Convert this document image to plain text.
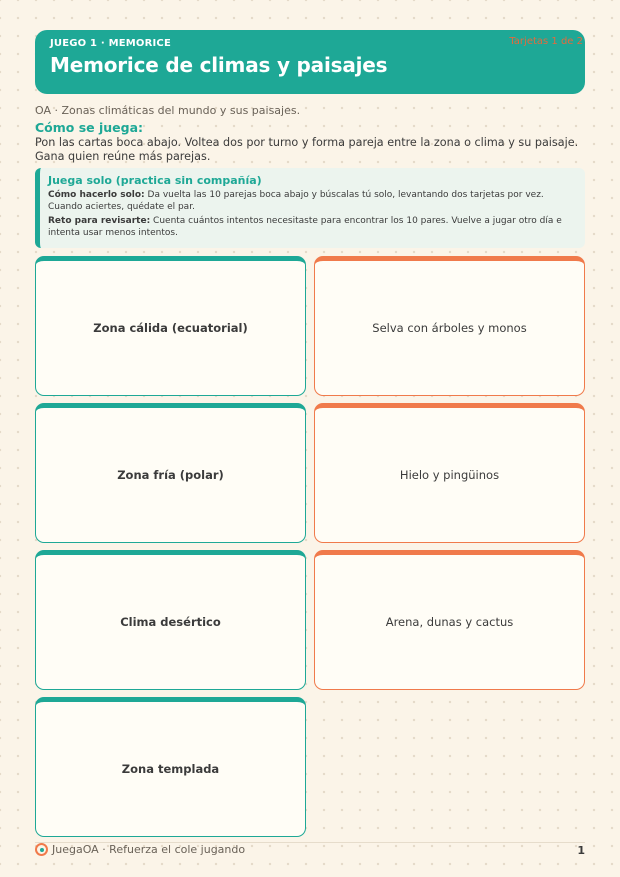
JUEGO 1 · MEMORICE
Memorice de climas y paisajes
Tarjetas 1 de 2
OA · Zonas climáticas del mundo y sus paisajes.
Cómo se juega:
Pon las cartas boca abajo. Voltea dos por turno y forma pareja entre la zona o clima y su paisaje. Gana quien reúne más parejas.
Juega solo (practica sin compañía)
Cómo hacerlo solo: Da vuelta las 10 parejas boca abajo y búscalas tú solo, levantando dos tarjetas por vez. Cuando aciertes, quédate el par.
Reto para revisarte: Cuenta cuántos intentos necesitaste para encontrar los 10 pares. Vuelve a jugar otro día e intenta usar menos intentos.
Zona cálida (ecuatorial)	Selva con árboles y monos
Zona fría (polar)	Hielo y pingüinos
Clima desértico	Arena, dunas y cactus
Zona templada
JuegaOA · Refuerza el cole jugando	1
